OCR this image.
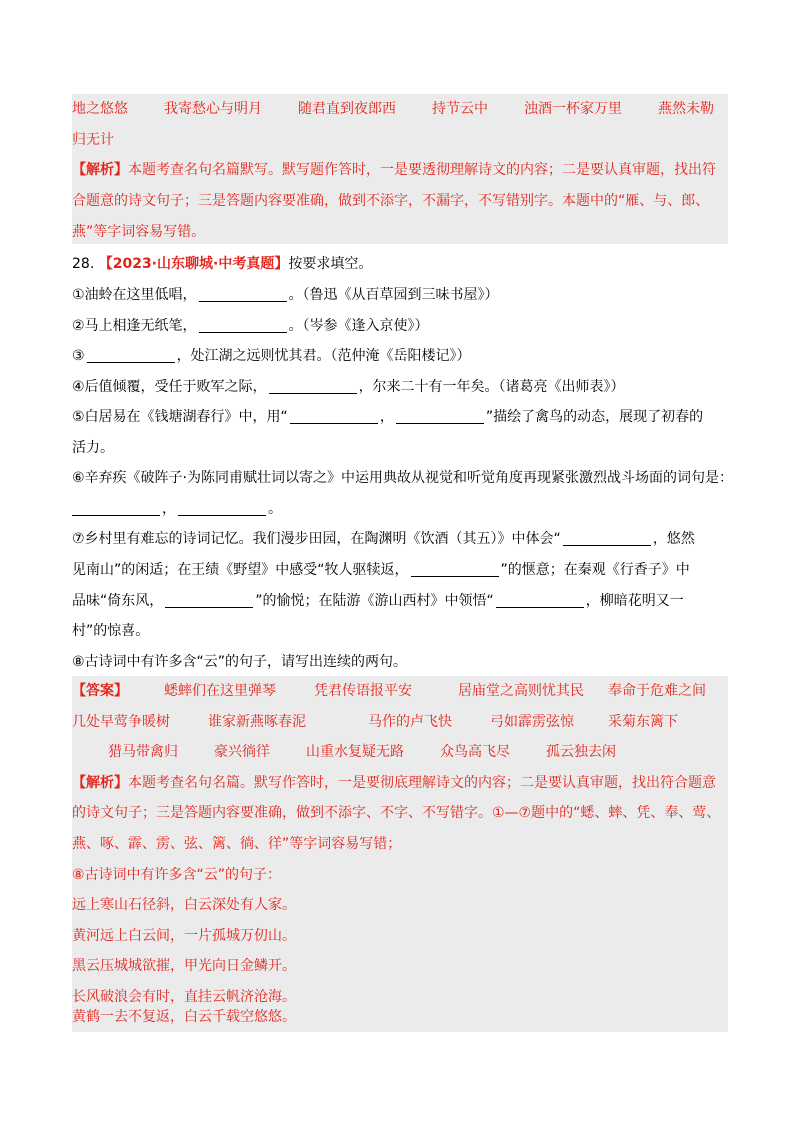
地之悠悠	我寄愁心与明月	随君直到夜郎西	持节云中	浊酒一杯家万里	燕然未勒
归无计
【解析】本题考查名句名篇默写。默写题作答时，一是要透彻理解诗文的内容；二是要认真审题，找出符
合题意的诗文句子；三是答题内容要准确，做到不添字，不漏字，不写错别字。本题中的“雁、与、郎、
燕”等字词容易写错。
28. 【2023·山东聊城·中考真题】按要求填空。
①油蛉在这里低唱，	。（鲁迅《从百草园到三味书屋》）
②马上相逢无纸笔，	。（岑参《逢入京使》）
③	，处江湖之远则忧其君。（范仲淹《岳阳楼记》）
④后值倾覆，受任于败军之际，	，尔来二十有一年矣。（诸葛亮《出师表》）
⑤白居易在《钱塘湖春行》中，用“	，	”描绘了禽鸟的动态，展现了初春的
活力。
⑥辛弃疾《破阵子·为陈同甫赋壮词以寄之》中运用典故从视觉和听觉角度再现紧张激烈战斗场面的词句是：
，	。
⑦乡村里有难忘的诗词记忆。我们漫步田园，在陶渊明《饮酒（其五）》中体会“	，悠然
见南山”的闲适；在王绩《野望》中感受“牧人驱犊返，	”的惬意；在秦观《行香子》中
品味“倚东风，	”的愉悦；在陆游《游山西村》中领悟“	，柳暗花明又一
村”的惊喜。
⑧古诗词中有许多含“云”的句子，请写出连续的两句。
【答案】	蟋蟀们在这里弹琴	凭君传语报平安	居庙堂之高则忧其民 奉命于危难之间
几处早莺争暖树	谁家新燕啄春泥	马作的卢飞快	弓如霹雳弦惊 采菊东篱下
猎马带禽归	豪兴徜徉	山重水复疑无路	众鸟高飞尽	孤云独去闲
【解析】本题考查名句名篇。默写作答时，一是要彻底理解诗文的内容；二是要认真审题，找出符合题意
的诗文句子；三是答题内容要准确，做到不添字、不字、不写错字。①—⑦题中的“蟋、蟀、凭、奉、莺、
燕、啄、霹、雳、弦、篱、徜、徉”等字词容易写错；
⑧古诗词中有许多含“云”的句子：
远上寒山石径斜，白云深处有人家。
黄河远上白云间，一片孤城万仞山。
黑云压城城欲摧，甲光向日金鳞开。
长风破浪会有时，直挂云帆济沧海。
黄鹤一去不复返，白云千载空悠悠。
